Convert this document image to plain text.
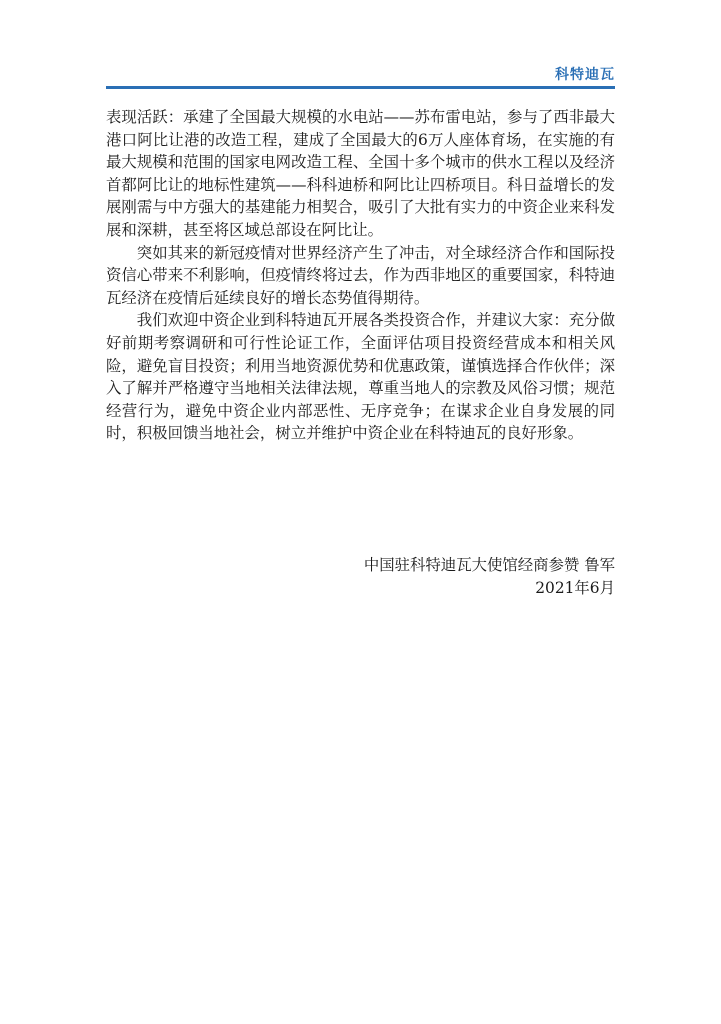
科特迪瓦

表现活跃：承建了全国最大规模的水电站——苏布雷电站，参与了西非最大港口阿比让港的改造工程，建成了全国最大的6万人座体育场，在实施的有最大规模和范围的国家电网改造工程、全国十多个城市的供水工程以及经济首都阿比让的地标性建筑——科科迪桥和阿比让四桥项目。科日益增长的发展刚需与中方强大的基建能力相契合，吸引了大批有实力的中资企业来科发展和深耕，甚至将区域总部设在阿比让。

突如其来的新冠疫情对世界经济产生了冲击，对全球经济合作和国际投资信心带来不利影响，但疫情终将过去，作为西非地区的重要国家，科特迪瓦经济在疫情后延续良好的增长态势值得期待。

我们欢迎中资企业到科特迪瓦开展各类投资合作，并建议大家：充分做好前期考察调研和可行性论证工作，全面评估项目投资经营成本和相关风险，避免盲目投资；利用当地资源优势和优惠政策，谨慎选择合作伙伴；深入了解并严格遵守当地相关法律法规，尊重当地人的宗教及风俗习惯；规范经营行为，避免中资企业内部恶性、无序竞争；在谋求企业自身发展的同时，积极回馈当地社会，树立并维护中资企业在科特迪瓦的良好形象。

中国驻科特迪瓦大使馆经商参赞 鲁军
2021年6月
